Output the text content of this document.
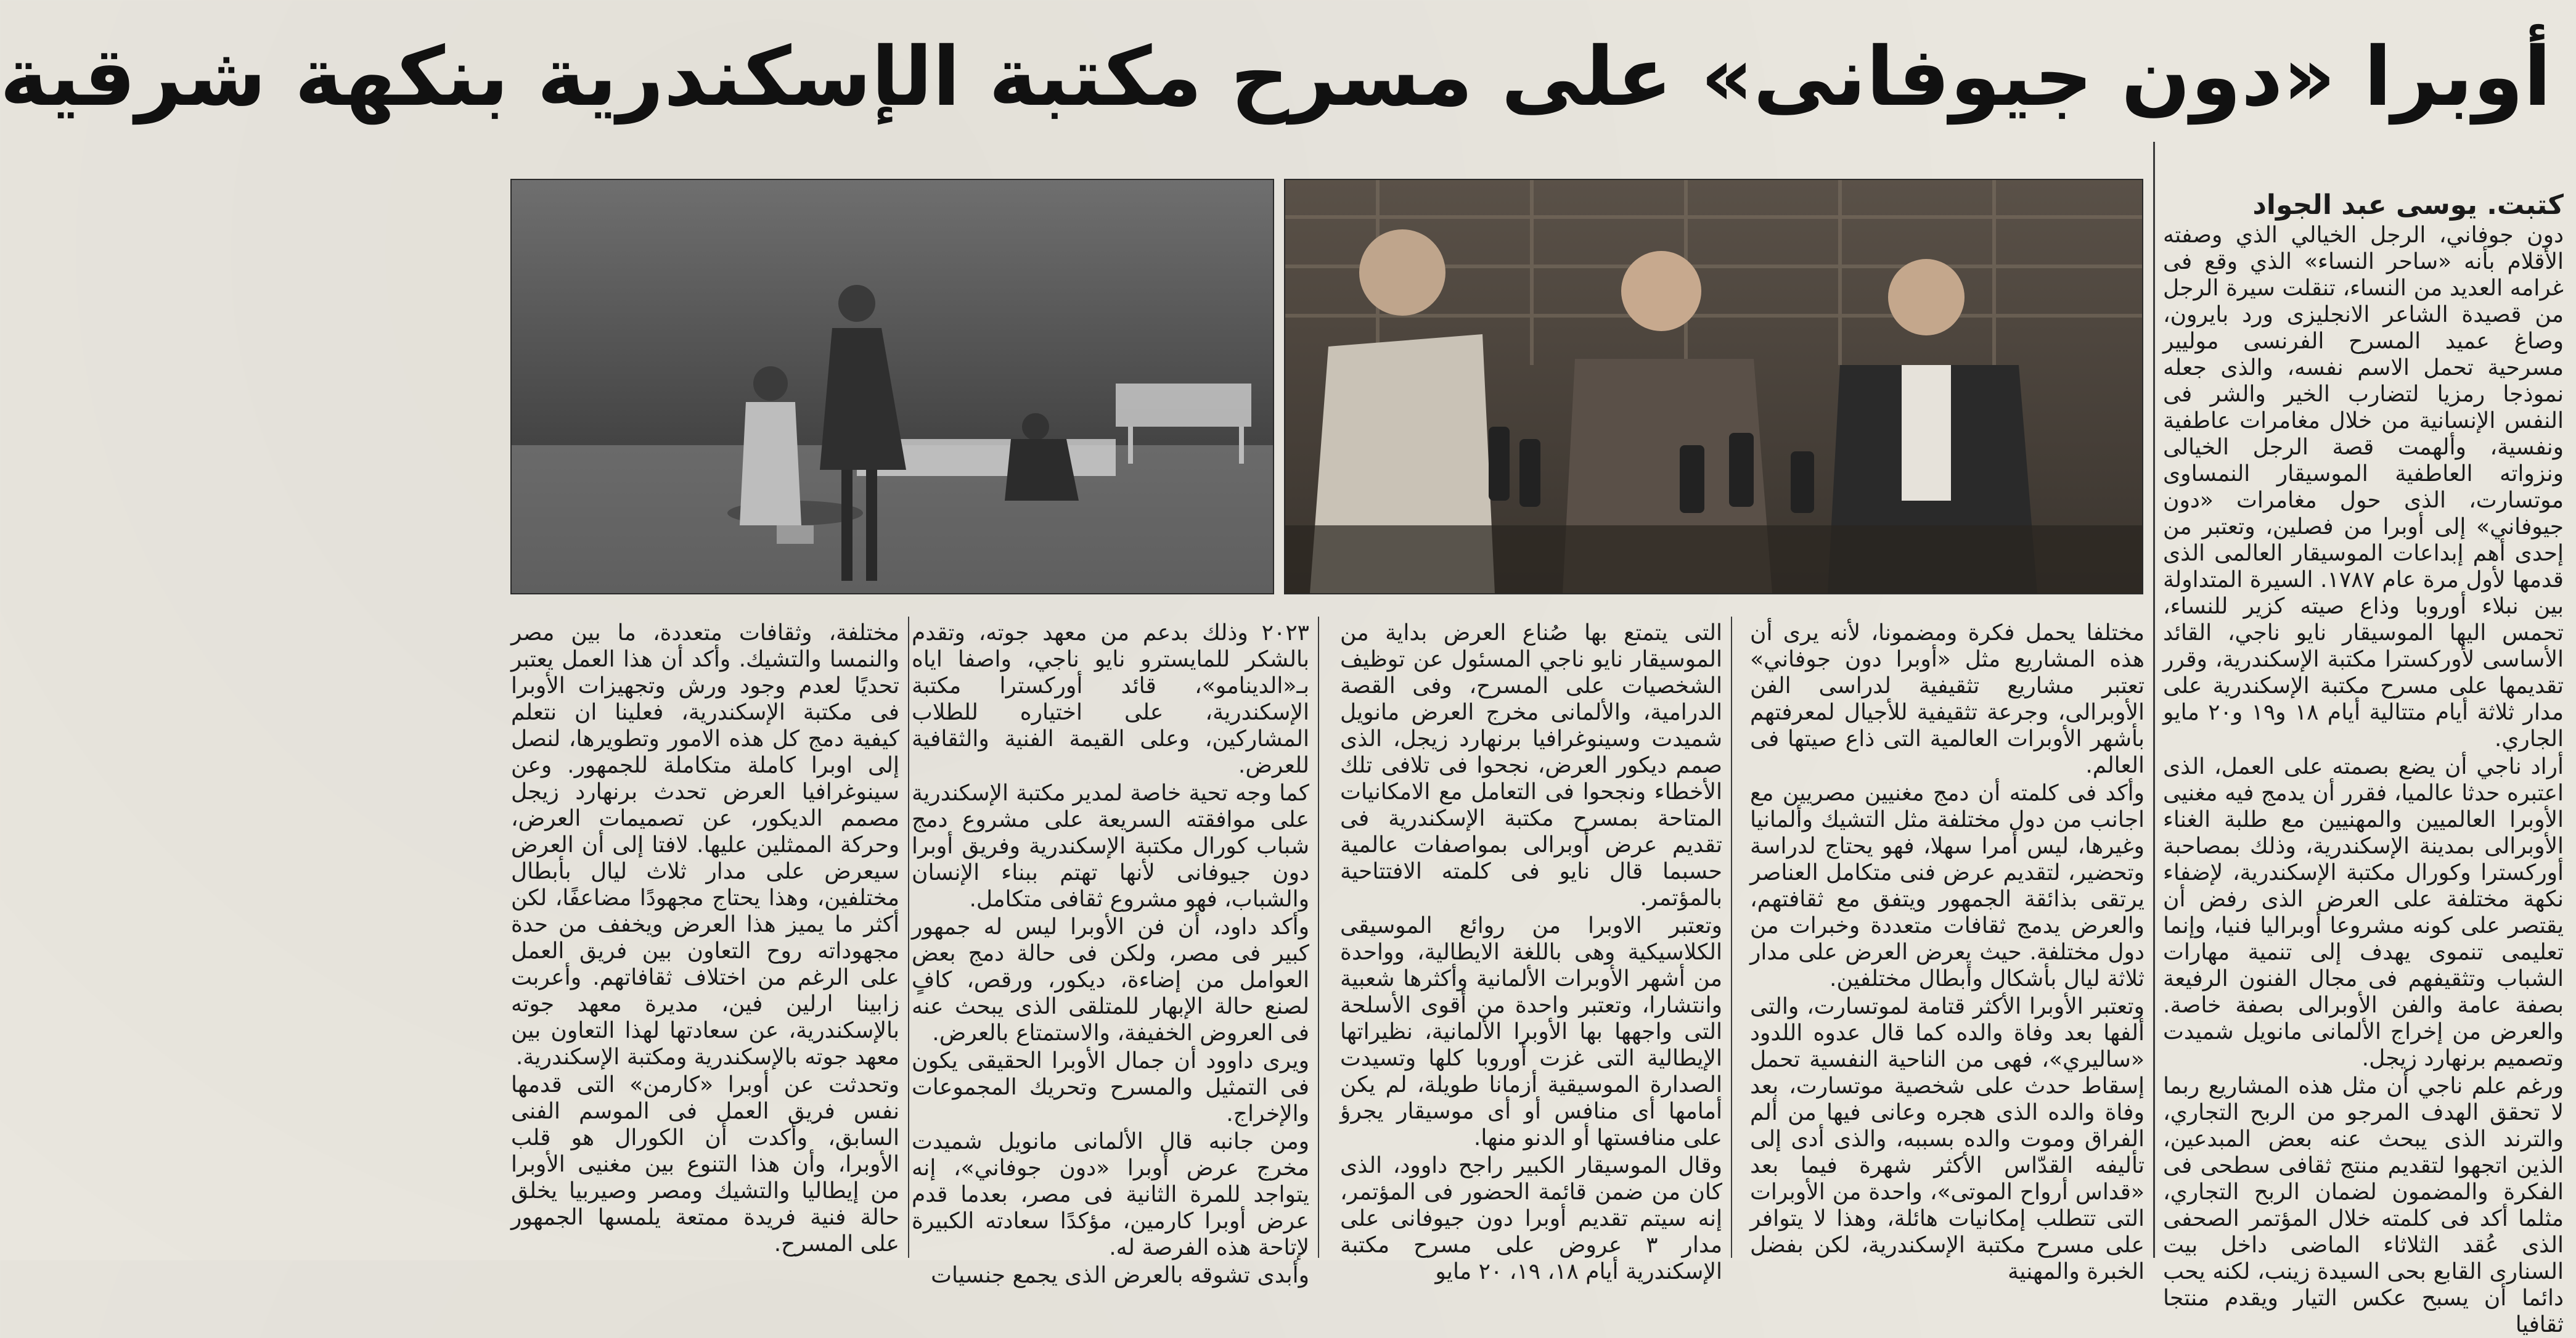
أوبرا «دون جيوفانى» على مسرح مكتبة الإسكندرية بنكهة شرقية
كتبت. يوسى عبد الجواد

دون جوفاني، الرجل الخيالي الذي وصفته الأقلام بأنه «ساحر النساء» الذي وقع فى غرامه العديد من النساء، تنقلت سيرة الرجل من قصيدة الشاعر الانجليزى ورد بايرون، وصاغ عميد المسرح الفرنسى موليير مسرحية تحمل الاسم نفسه، والذى جعله نموذجا رمزيا لتضارب الخير والشر فى النفس الإنسانية من خلال مغامرات عاطفية ونفسية، وألهمت قصة الرجل الخيالى ونزواته العاطفية الموسيقار النمساوى موتسارت، الذى حول مغامرات «دون جيوفاني» إلى أوبرا من فصلين، وتعتبر من إحدى أهم إبداعات الموسيقار العالمى الذى قدمها لأول مرة عام ١٧٨٧. السيرة المتداولة بين نبلاء أوروبا وذاع صيته كزير للنساء، تحمس اليها الموسيقار نايو ناجي، القائد الأساسى لأوركسترا مكتبة الإسكندرية، وقرر تقديمها على مسرح مكتبة الإسكندرية على مدار ثلاثة أيام متتالية أيام ١٨ و١٩ و٢٠ مايو الجاري.

أراد ناجي أن يضع بصمته على العمل، الذى اعتبره حدثا عالميا، فقرر أن يدمج فيه مغنيى الأوبرا العالميين والمهنيين مع طلبة الغناء الأوبرالى بمدينة الإسكندرية، وذلك بمصاحبة أوركسترا وكورال مكتبة الإسكندرية، لإضفاء نكهة مختلفة على العرض الذى رفض أن يقتصر على كونه مشروعا أوبراليا فنيا، وإنما تعليمى تنموى يهدف إلى تنمية مهارات الشباب وتثقيفهم فى مجال الفنون الرفيعة بصفة عامة والفن الأوبرالى بصفة خاصة. والعرض من إخراج الألمانى مانويل شميدت وتصميم برنهارد زيجل.

ورغم علم ناجي أن مثل هذه المشاريع ربما لا تحقق الهدف المرجو من الربح التجاري، والترند الذى يبحث عنه بعض المبدعين، الذين اتجهوا لتقديم منتج ثقافى سطحى فى الفكرة والمضمون لضمان الربح التجاري، مثلما أكد فى كلمته خلال المؤتمر الصحفى الذى عُقد الثلاثاء الماضى داخل بيت السنارى القابع بحى السيدة زينب، لكنه يحب دائما أن يسبح عكس التيار ويقدم منتجا ثقافيا

مختلفا يحمل فكرة ومضمونا، لأنه يرى أن هذه المشاريع مثل «أوبرا دون جوفاني» تعتبر مشاريع تثقيفية لدراسى الفن الأوبرالى، وجرعة تثقيفية للأجيال لمعرفتهم بأشهر الأوبرات العالمية التى ذاع صيتها فى العالم.

وأكد فى كلمته أن دمج مغنيين مصريين مع اجانب من دول مختلفة مثل التشيك وألمانيا وغيرها، ليس أمرا سهلا، فهو يحتاج لدراسة وتحضير، لتقديم عرض فنى متكامل العناصر يرتقى بذائقة الجمهور ويتفق مع ثقافتهم، والعرض يدمج ثقافات متعددة وخبرات من دول مختلفة. حيث يعرض العرض على مدار ثلاثة ليال بأشكال وأبطال مختلفين.

وتعتبر الأوبرا الأكثر قتامة لموتسارت، والتى ألفها بعد وفاة والده كما قال عدوه اللدود «ساليري»، فهى من الناحية النفسية تحمل إسقاط حدث على شخصية موتسارت، بعد وفاة والده الذى هجره وعانى فيها من ألم الفراق وموت والده بسببه، والذى أدى إلى تأليفه القدّاس الأكثر شهرة فيما بعد «قداس أرواح الموتى»، واحدة من الأوبرات التى تتطلب إمكانيات هائلة، وهذا لا يتوافر على مسرح مكتبة الإسكندرية، لكن بفضل الخبرة والمهنية

التى يتمتع بها صُناع العرض بداية من الموسيقار نايو ناجي المسئول عن توظيف الشخصيات على المسرح، وفى القصة الدرامية، والألمانى مخرج العرض مانويل شميدت وسينوغرافيا برنهارد زيجل، الذى صمم ديكور العرض، نجحوا فى تلافى تلك الأخطاء ونجحوا فى التعامل مع الامكانيات المتاحة بمسرح مكتبة الإسكندرية فى تقديم عرض أوبرالى بمواصفات عالمية حسبما قال نايو فى كلمته الافتتاحية بالمؤتمر.

وتعتبر الاوبرا من روائع الموسيقى الكلاسيكية وهى باللغة الايطالية، وواحدة من أشهر الأوبرات الألمانية وأكثرها شعبية وانتشارا، وتعتبر واحدة من أقوى الأسلحة التى واجهها بها الأوبرا الألمانية، نظيراتها الإيطالية التى غزت أوروبا كلها وتسيدت الصدارة الموسيقية أزمانا طويلة، لم يكن أمامها أى منافس أو أى موسيقار يجرؤ على منافستها أو الدنو منها.

وقال الموسيقار الكبير راجح داوود، الذى كان من ضمن قائمة الحضور فى المؤتمر، إنه سيتم تقديم أوبرا دون جيوفانى على مدار ٣ عروض على مسرح مكتبة الإسكندرية أيام ١٨، ١٩، ٢٠ مايو

٢٠٢٣ وذلك بدعم من معهد جوته، وتقدم بالشكر للمايسترو نايو ناجي، واصفا اياه بـ«الدينامو»، قائد أوركسترا مكتبة الإسكندرية، على اختياره للطلاب المشاركين، وعلى القيمة الفنية والثقافية للعرض.

كما وجه تحية خاصة لمدير مكتبة الإسكندرية على موافقته السريعة على مشروع دمج شباب كورال مكتبة الإسكندرية وفريق أوبرا دون جيوفانى لأنها تهتم ببناء الإنسان والشباب، فهو مشروع ثقافى متكامل.

وأكد داود، أن فن الأوبرا ليس له جمهور كبير فى مصر، ولكن فى حالة دمج بعض العوامل من إضاءة، ديكور، ورقص، كافٍ لصنع حالة الإبهار للمتلقى الذى يبحث عنه فى العروض الخفيفة، والاستمتاع بالعرض.

ويرى داوود أن جمال الأوبرا الحقيقى يكون فى التمثيل والمسرح وتحريك المجموعات والإخراج.

ومن جانبه قال الألمانى مانويل شميدت مخرج عرض أوبرا «دون جوفاني»، إنه يتواجد للمرة الثانية فى مصر، بعدما قدم عرض أوبرا كارمين، مؤكدًا سعادته الكبيرة لإتاحة هذه الفرصة له.

وأبدى تشوقه بالعرض الذى يجمع جنسيات

مختلفة، وثقافات متعددة، ما بين مصر والنمسا والتشيك. وأكد أن هذا العمل يعتبر تحديًا لعدم وجود ورش وتجهيزات الأوبرا فى مكتبة الإسكندرية، فعلينا ان نتعلم كيفية دمج كل هذه الامور وتطويرها، لنصل إلى اوبرا كاملة متكاملة للجمهور. وعن سينوغرافيا العرض تحدث برنهارد زيجل مصمم الديكور، عن تصميمات العرض، وحركة الممثلين عليها. لافتا إلى أن العرض سيعرض على مدار ثلاث ليال بأبطال مختلفين، وهذا يحتاج مجهودًا مضاعفًا، لكن أكثر ما يميز هذا العرض ويخفف من حدة مجهوداته روح التعاون بين فريق العمل على الرغم من اختلاف ثقافاتهم. وأعربت زابينا ارلين فين، مديرة معهد جوته بالإسكندرية، عن سعادتها لهذا التعاون بين معهد جوته بالإسكندرية ومكتبة الإسكندرية.

وتحدثت عن أوبرا «كارمن» التى قدمها نفس فريق العمل فى الموسم الفنى السابق، وأكدت أن الكورال هو قلب الأوبرا، وأن هذا التنوع بين مغنيى الأوبرا من إيطاليا والتشيك ومصر وصيربيا يخلق حالة فنية فريدة ممتعة يلمسها الجمهور على المسرح.
